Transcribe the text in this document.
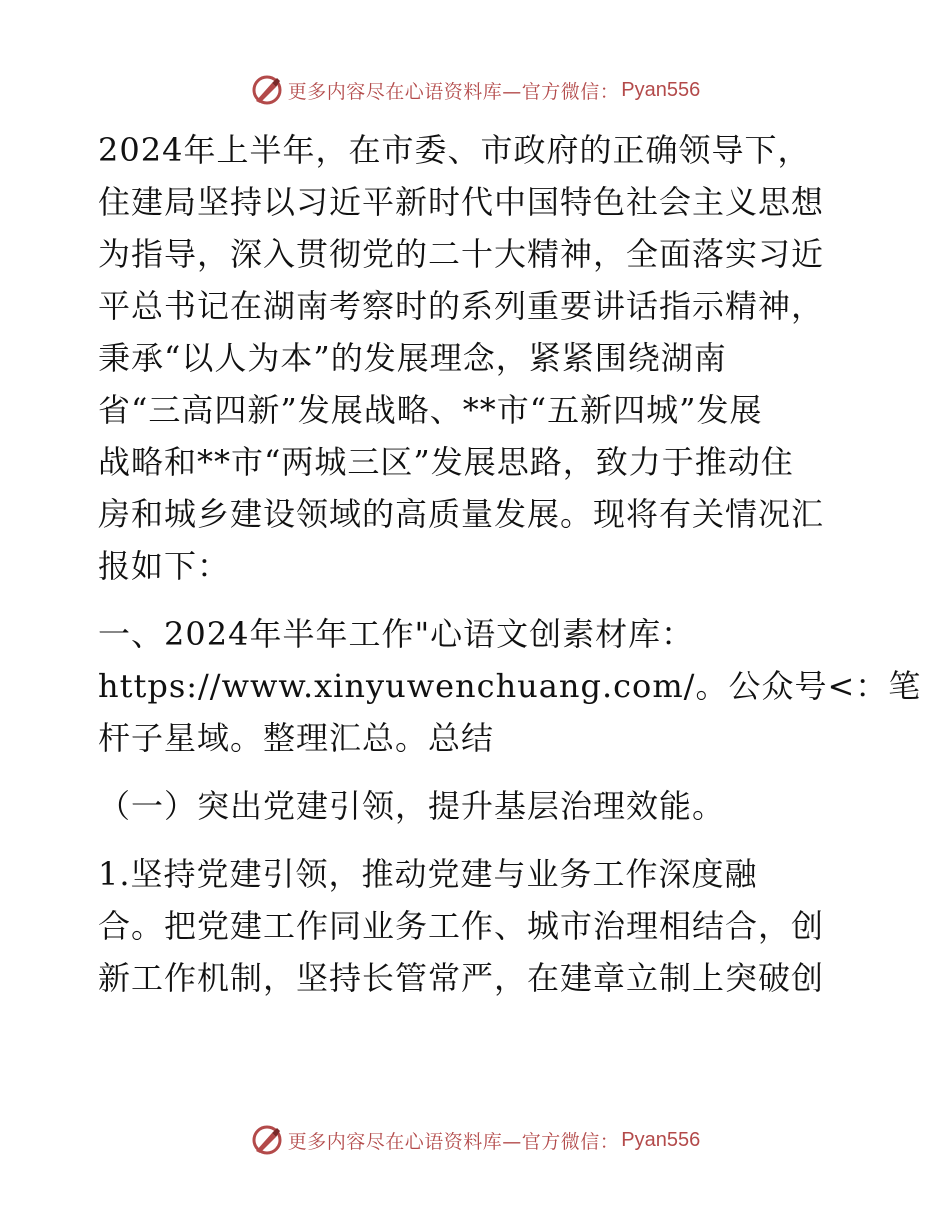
更多内容尽在心语资料库—官方微信： Pyan556
2024年上半年，在市委、市政府的正确领导下，
住建局坚持以习近平新时代中国特色社会主义思想
为指导，深入贯彻党的二十大精神，全面落实习近
平总书记在湖南考察时的系列重要讲话指示精神，
秉承“以人为本”的发展理念，紧紧围绕湖南
省“三高四新”发展战略、**市“五新四城”发展
战略和**市“两城三区”发展思路，致力于推动住
房和城乡建设领域的高质量发展。现将有关情况汇
报如下：
一、2024年半年工作"心语文创素材库：
https://www.xinyuwenchuang.com/。公众号<：笔
杆子星域。整理汇总。总结
（一）突出党建引领，提升基层治理效能。
1.坚持党建引领，推动党建与业务工作深度融
合。把党建工作同业务工作、城市治理相结合，创
新工作机制，坚持长管常严，在建章立制上突破创
更多内容尽在心语资料库—官方微信： Pyan556
